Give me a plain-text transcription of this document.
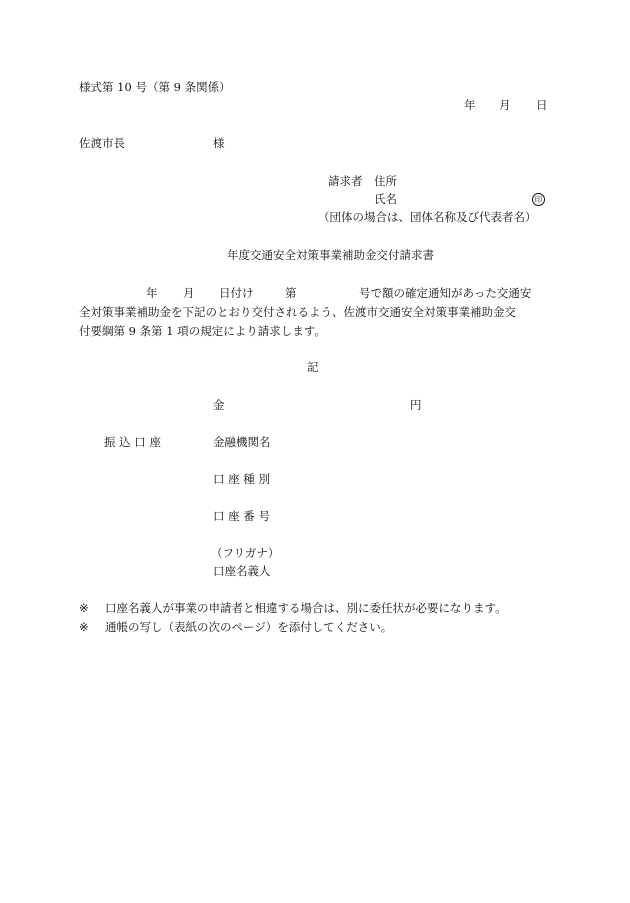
様式第 10 号（第 9 条関係）
年 月 日
佐渡市長	様
請求者 住所
氏名	印
（団体の場合は、団体名称及び代表者名）
年度交通安全対策事業補助金交付請求書
年 月 日付け	第	号で額の確定通知があった交通安
全対策事業補助金を下記のとおり交付されるよう、佐渡市交通安全対策事業補助金交
付要綱第 9 条第 1 項の規定により請求します。
記
金	円
振 込 口 座	金融機関名
口 座 種 別
口 座 番 号
（フリガナ）
口座名義人
※ 口座名義人が事業の申請者と相違する場合は、別に委任状が必要になります。
※ 通帳の写し（表紙の次のページ）を添付してください。
